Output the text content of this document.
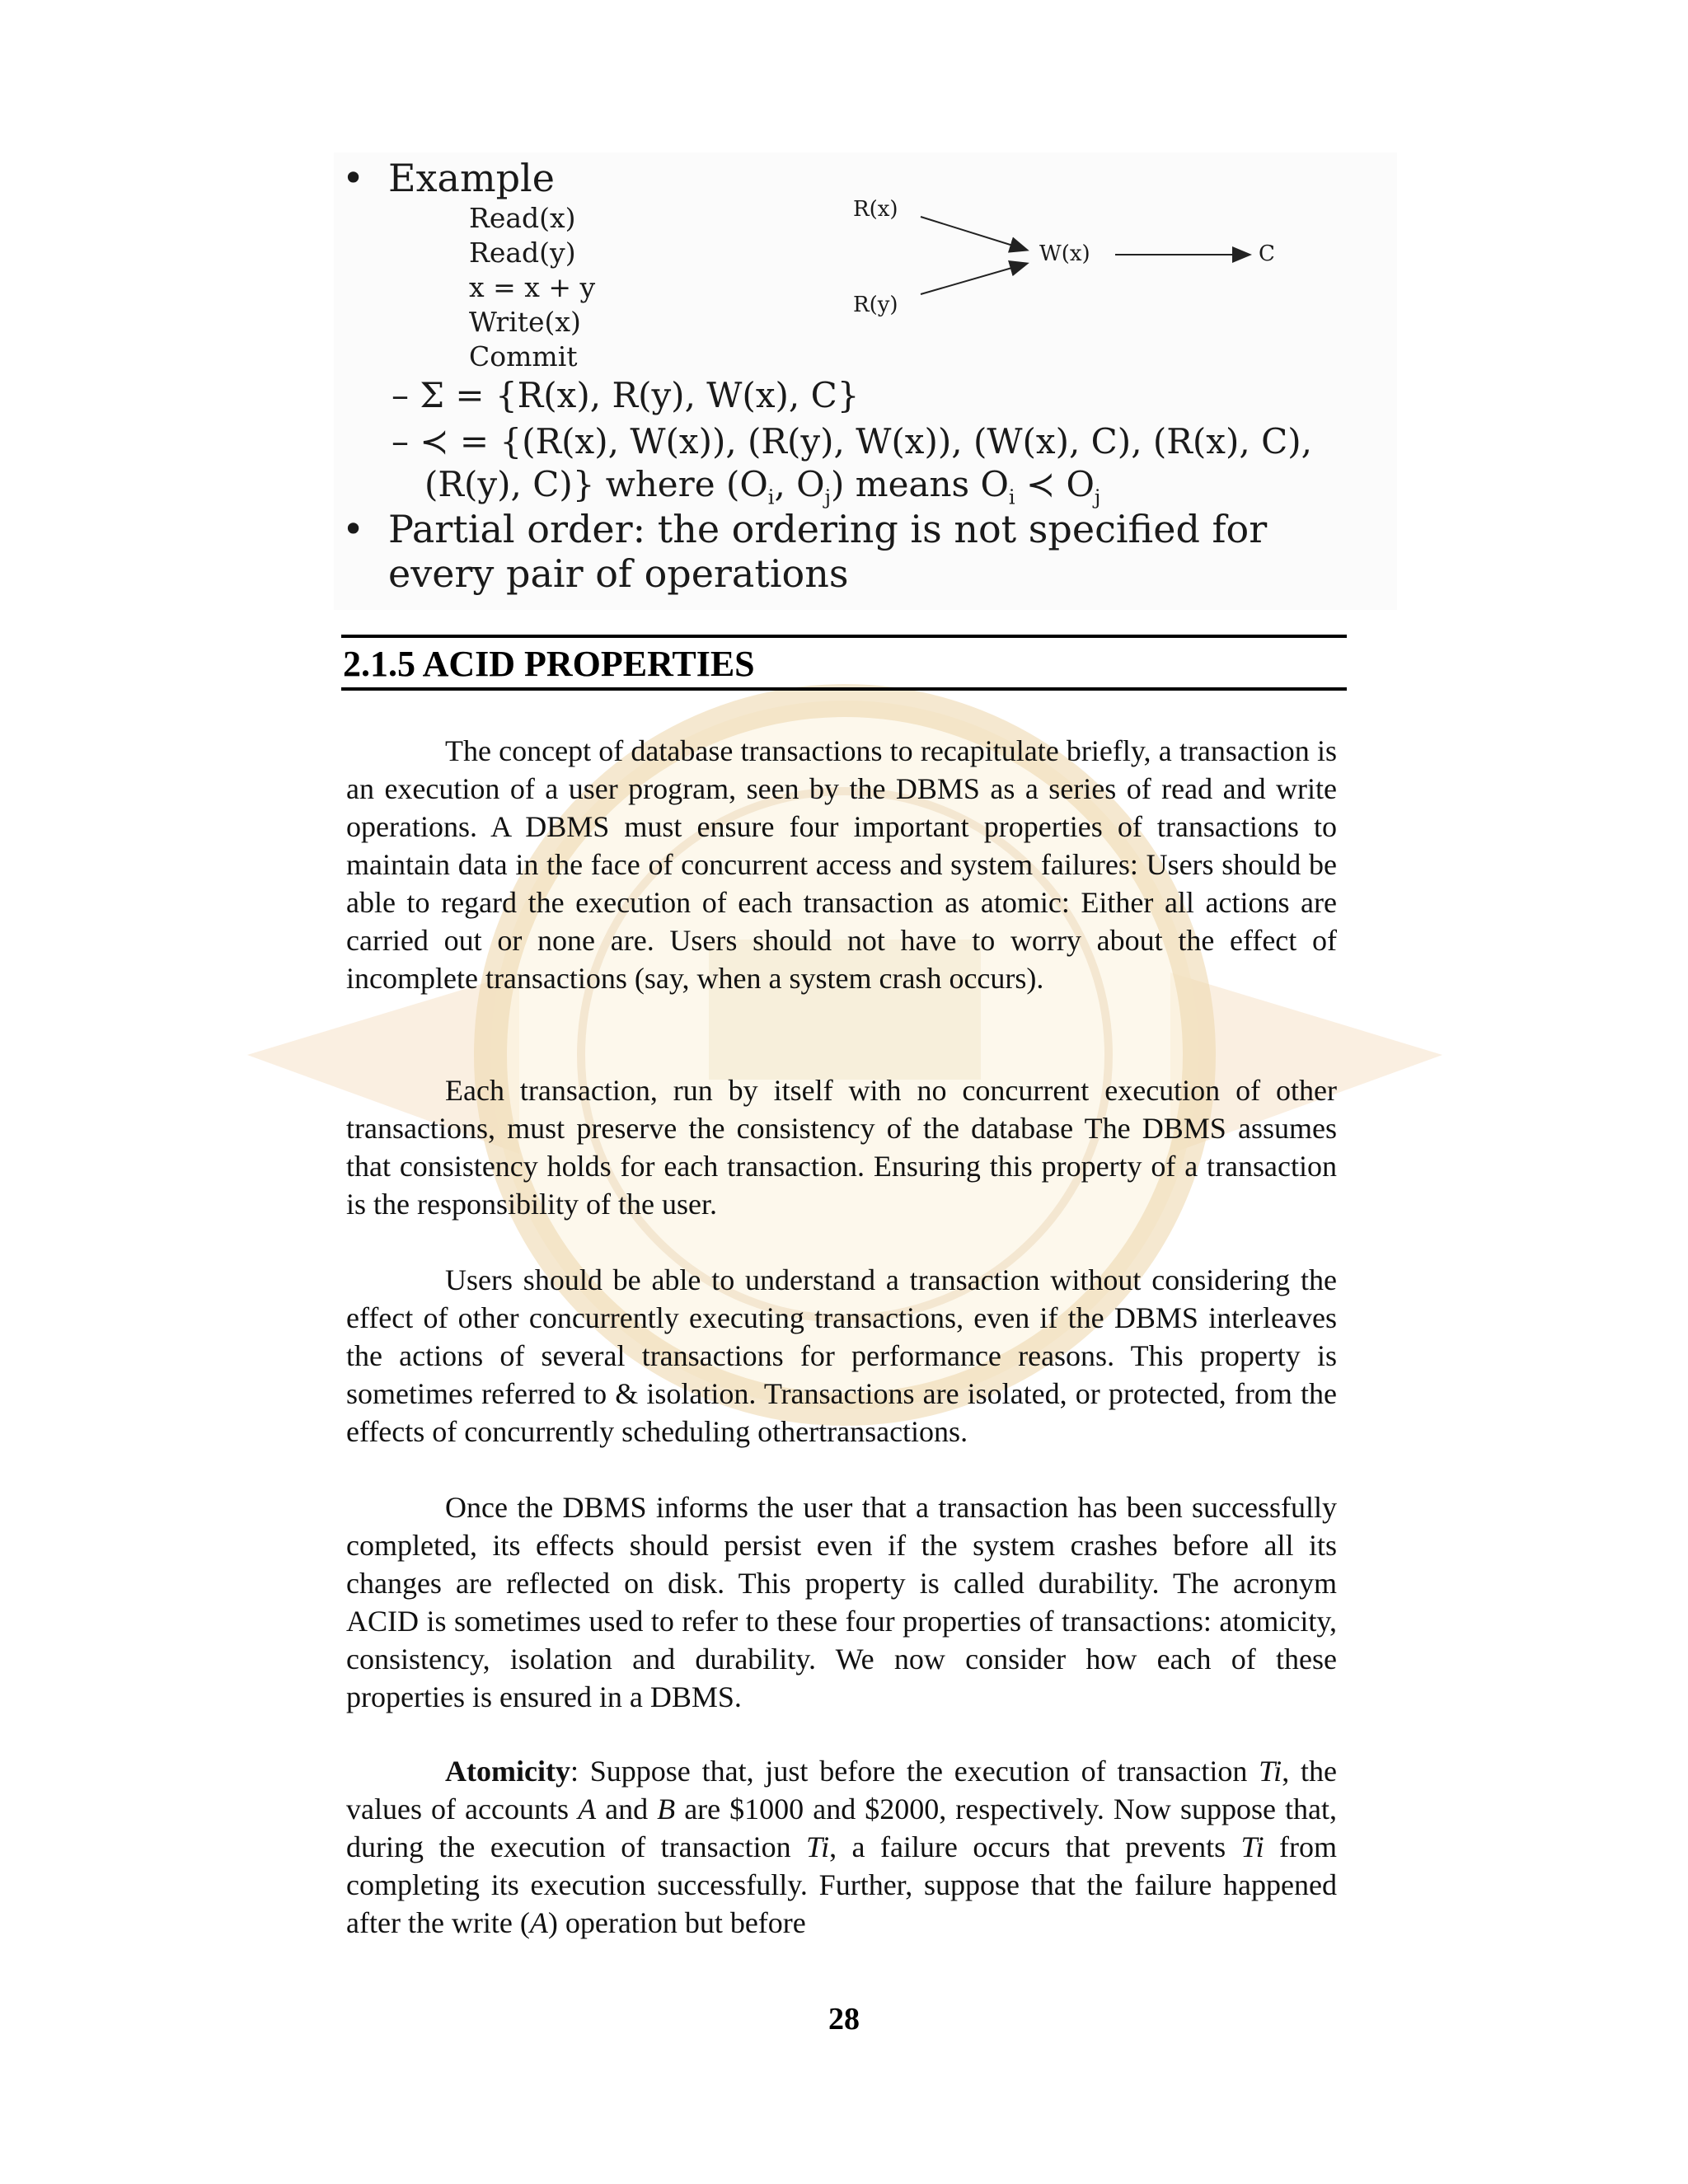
• Example
Read(x)
Read(y)
x = x + y
Write(x)
Commit
R(x)
R(y)
W(x)	C
– Σ = {R(x), R(y), W(x), C}
– ≺ = {(R(x), W(x)), (R(y), W(x)), (W(x), C), (R(x), C),
(R(y), C)} where ($O_i$, $O_j$) means $O_i$ ≺ $O_j$
• Partial order: the ordering is not specified for
every pair of operations
2.1.5 ACID PROPERTIES

The concept of database transactions to recapitulate briefly, a transaction is an execution of a user program, seen by the DBMS as a series of read and write operations. A DBMS must ensure four important properties of transactions to maintain data in the face of concurrent access and system failures: Users should be able to regard the execution of each transaction as atomic: Either all actions are carried out or none are. Users should not have to worry about the effect of incomplete transactions (say, when a system crash occurs).

Each transaction, run by itself with no concurrent execution of other transactions, must preserve the consistency of the database The DBMS assumes that consistency holds for each transaction. Ensuring this property of a transaction is the responsibility of the user.

Users should be able to understand a transaction without considering the effect of other concurrently executing transactions, even if the DBMS interleaves the actions of several transactions for performance reasons. This property is sometimes referred to & isolation. Transactions are isolated, or protected, from the effects of concurrently scheduling othertransactions.

Once the DBMS informs the user that a transaction has been successfully completed, its effects should persist even if the system crashes before all its changes are reflected on disk. This property is called durability. The acronym ACID is sometimes used to refer to these four properties of transactions: atomicity, consistency, isolation and durability. We now consider how each of these properties is ensured in a DBMS.

Atomicity: Suppose that, just before the execution of transaction Ti, the values of accounts A and B are $1000 and $2000, respectively. Now suppose that, during the execution of transaction Ti, a failure occurs that prevents Ti from completing its execution successfully. Further, suppose that the failure happened after the write (A) operation but before

28
